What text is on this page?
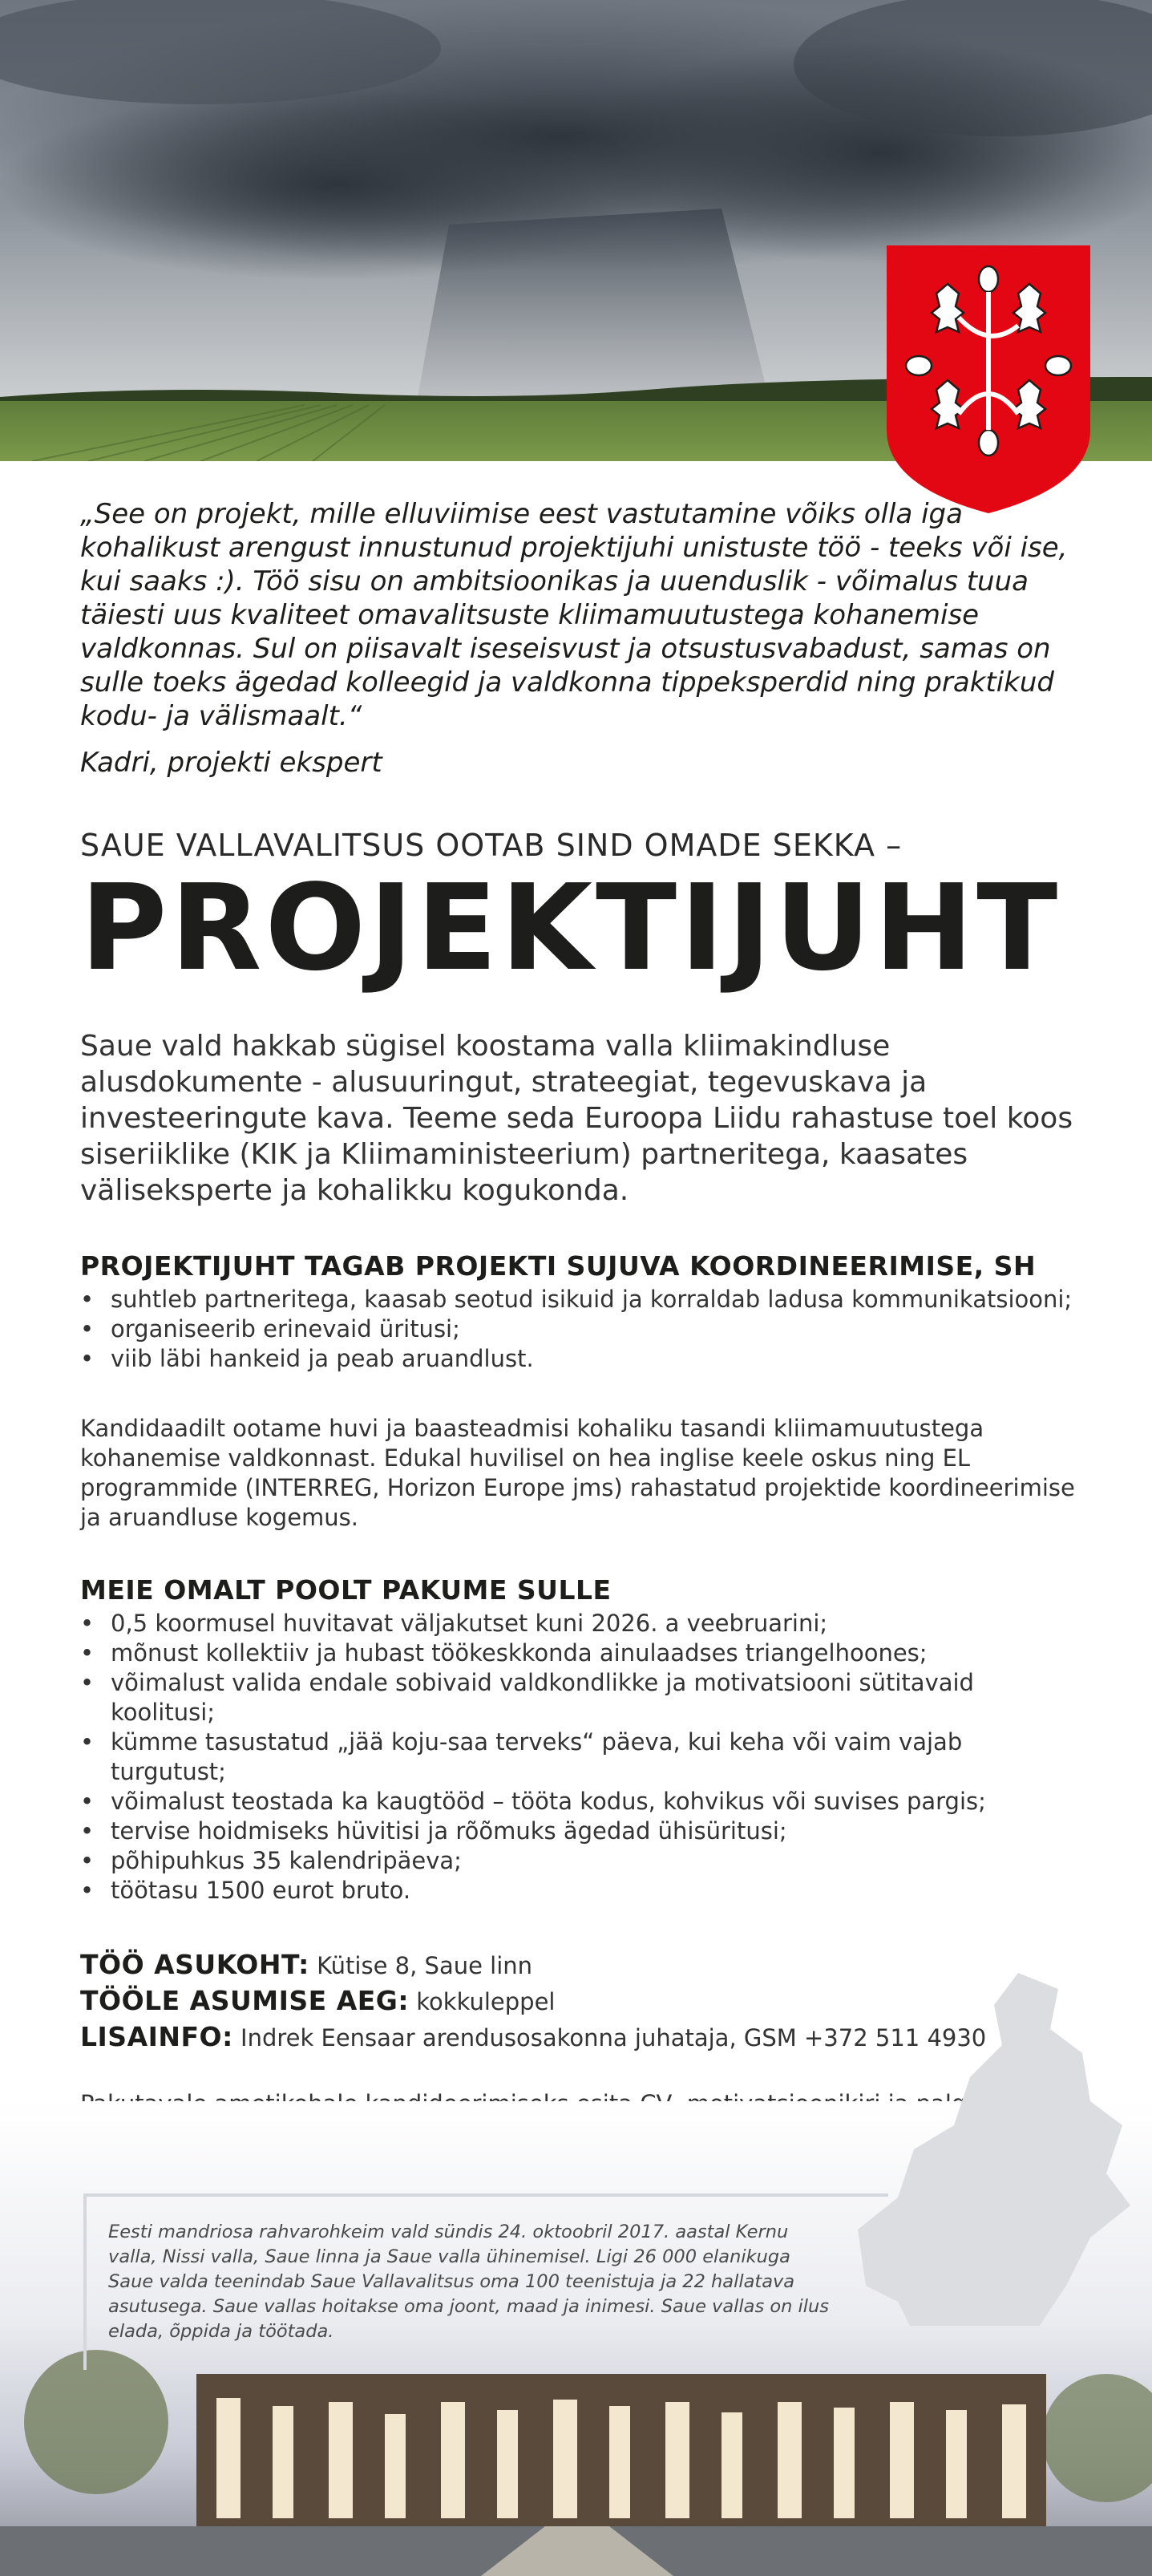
„See on projekt, mille elluviimise eest vastutamine võiks olla iga kohalikust arengust innustunud projektijuhi unistuste töö - teeks või ise, kui saaks :). Töö sisu on ambitsioonikas ja uuenduslik - võimalus tuua täiesti uus kvaliteet omavalitsuste kliimamuutustega kohanemise valdkonnas. Sul on piisavalt iseseisvust ja otsustusvabadust, samas on sulle toeks ägedad kolleegid ja valdkonna tippeksperdid ning praktikud kodu- ja välismaalt.“

Kadri, projekti ekspert

SAUE VALLAVALITSUS OOTAB SIND OMADE SEKKA –
PROJEKTIJUHT

Saue vald hakkab sügisel koostama valla kliimakindluse alusdokumente - alusuuringut, strateegiat, tegevuskava ja investeeringute kava. Teeme seda Euroopa Liidu rahastuse toel koos siseriiklike (KIK ja Kliimaministeerium) partneritega, kaasates väliseksperte ja kohalikku kogukonda.

PROJEKTIJUHT TAGAB PROJEKTI SUJUVA KOORDINEERIMISE, SH
• suhtleb partneritega, kaasab seotud isikuid ja korraldab ladusa kommunikatsiooni;
• organiseerib erinevaid üritusi;
• viib läbi hankeid ja peab aruandlust.

Kandidaadilt ootame huvi ja baasteadmisi kohaliku tasandi kliimamuutustega kohanemise valdkonnast. Edukal huvilisel on hea inglise keele oskus ning EL programmide (INTERREG, Horizon Europe jms) rahastatud projektide koordineerimise ja aruandluse kogemus.

MEIE OMALT POOLT PAKUME SULLE
• 0,5 koormusel huvitavat väljakutset kuni 2026. a veebruarini;
• mõnust kollektiiv ja hubast töökeskkonda ainulaadses triangelhoones;
• võimalust valida endale sobivaid valdkondlikke ja motivatsiooni sütitavaid koolitusi;
• kümme tasustatud „jää koju-saa terveks“ päeva, kui keha või vaim vajab turgutust;
• võimalust teostada ka kaugtööd – tööta kodus, kohvikus või suvises pargis;
• tervise hoidmiseks hüvitisi ja rõõmuks ägedad ühisüritusi;
• põhipuhkus 35 kalendripäeva;
• töötasu 1500 eurot bruto.
TÖÖ ASUKOHT: Kütise 8, Saue linn
TÖÖLE ASUMISE AEG: kokkuleppel
LISAINFO: Indrek Eensaar arendusosakonna juhataja, GSM +372 511 4930

Eesti mandriosa rahvarohkeim vald sündis 24. oktoobril 2017. aastal Kernu valla, Nissi valla, Saue linna ja Saue valla ühinemisel. Ligi 26 000 elanikuga Saue valda teenindab Saue Vallavalitsus oma 100 teenistuja ja 22 hallatava asutusega. Saue vallas hoitakse oma joont, maad ja inimesi. Saue vallas on ilus elada, õppida ja töötada.
